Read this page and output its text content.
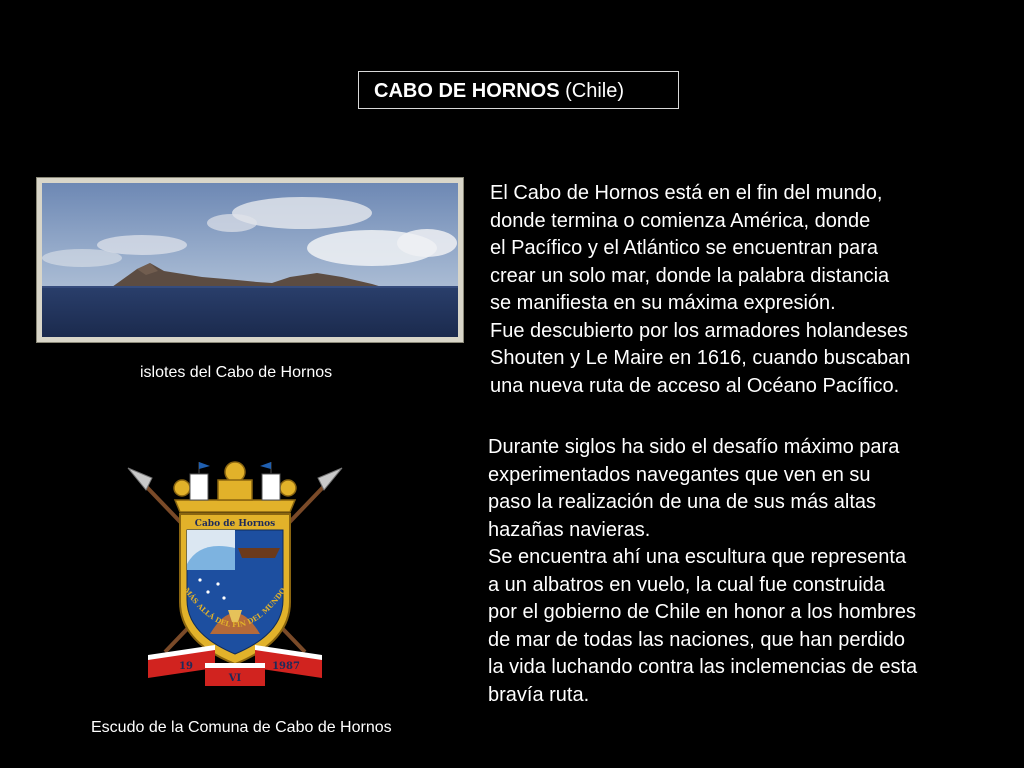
CABO DE HORNOS (Chile)
islotes del Cabo de Hornos
El Cabo de Hornos está en el fin del mundo,
donde termina o comienza América, donde
el Pacífico y el Atlántico se encuentran para
crear un solo mar, donde la palabra distancia
se manifiesta en su máxima expresión.
Fue descubierto por los armadores holandeses
Shouten y Le Maire en 1616, cuando buscaban
una nueva ruta de acceso al Océano Pacífico.
Durante siglos ha sido el desafío máximo para
experimentados navegantes que ven en su
paso la realización de una de sus más altas
hazañas navieras.
Se encuentra ahí una escultura que representa
a un albatros en vuelo, la cual fue construida
por el gobierno de Chile en honor a los hombres
de mar de todas las naciones, que han perdido
la vida luchando contra las inclemencias de esta
bravía ruta.
Cabo de Hornos
MÁS ALLÁ DEL FIN DEL MUNDO
19
VI
1987
Escudo de la Comuna de Cabo de Hornos
